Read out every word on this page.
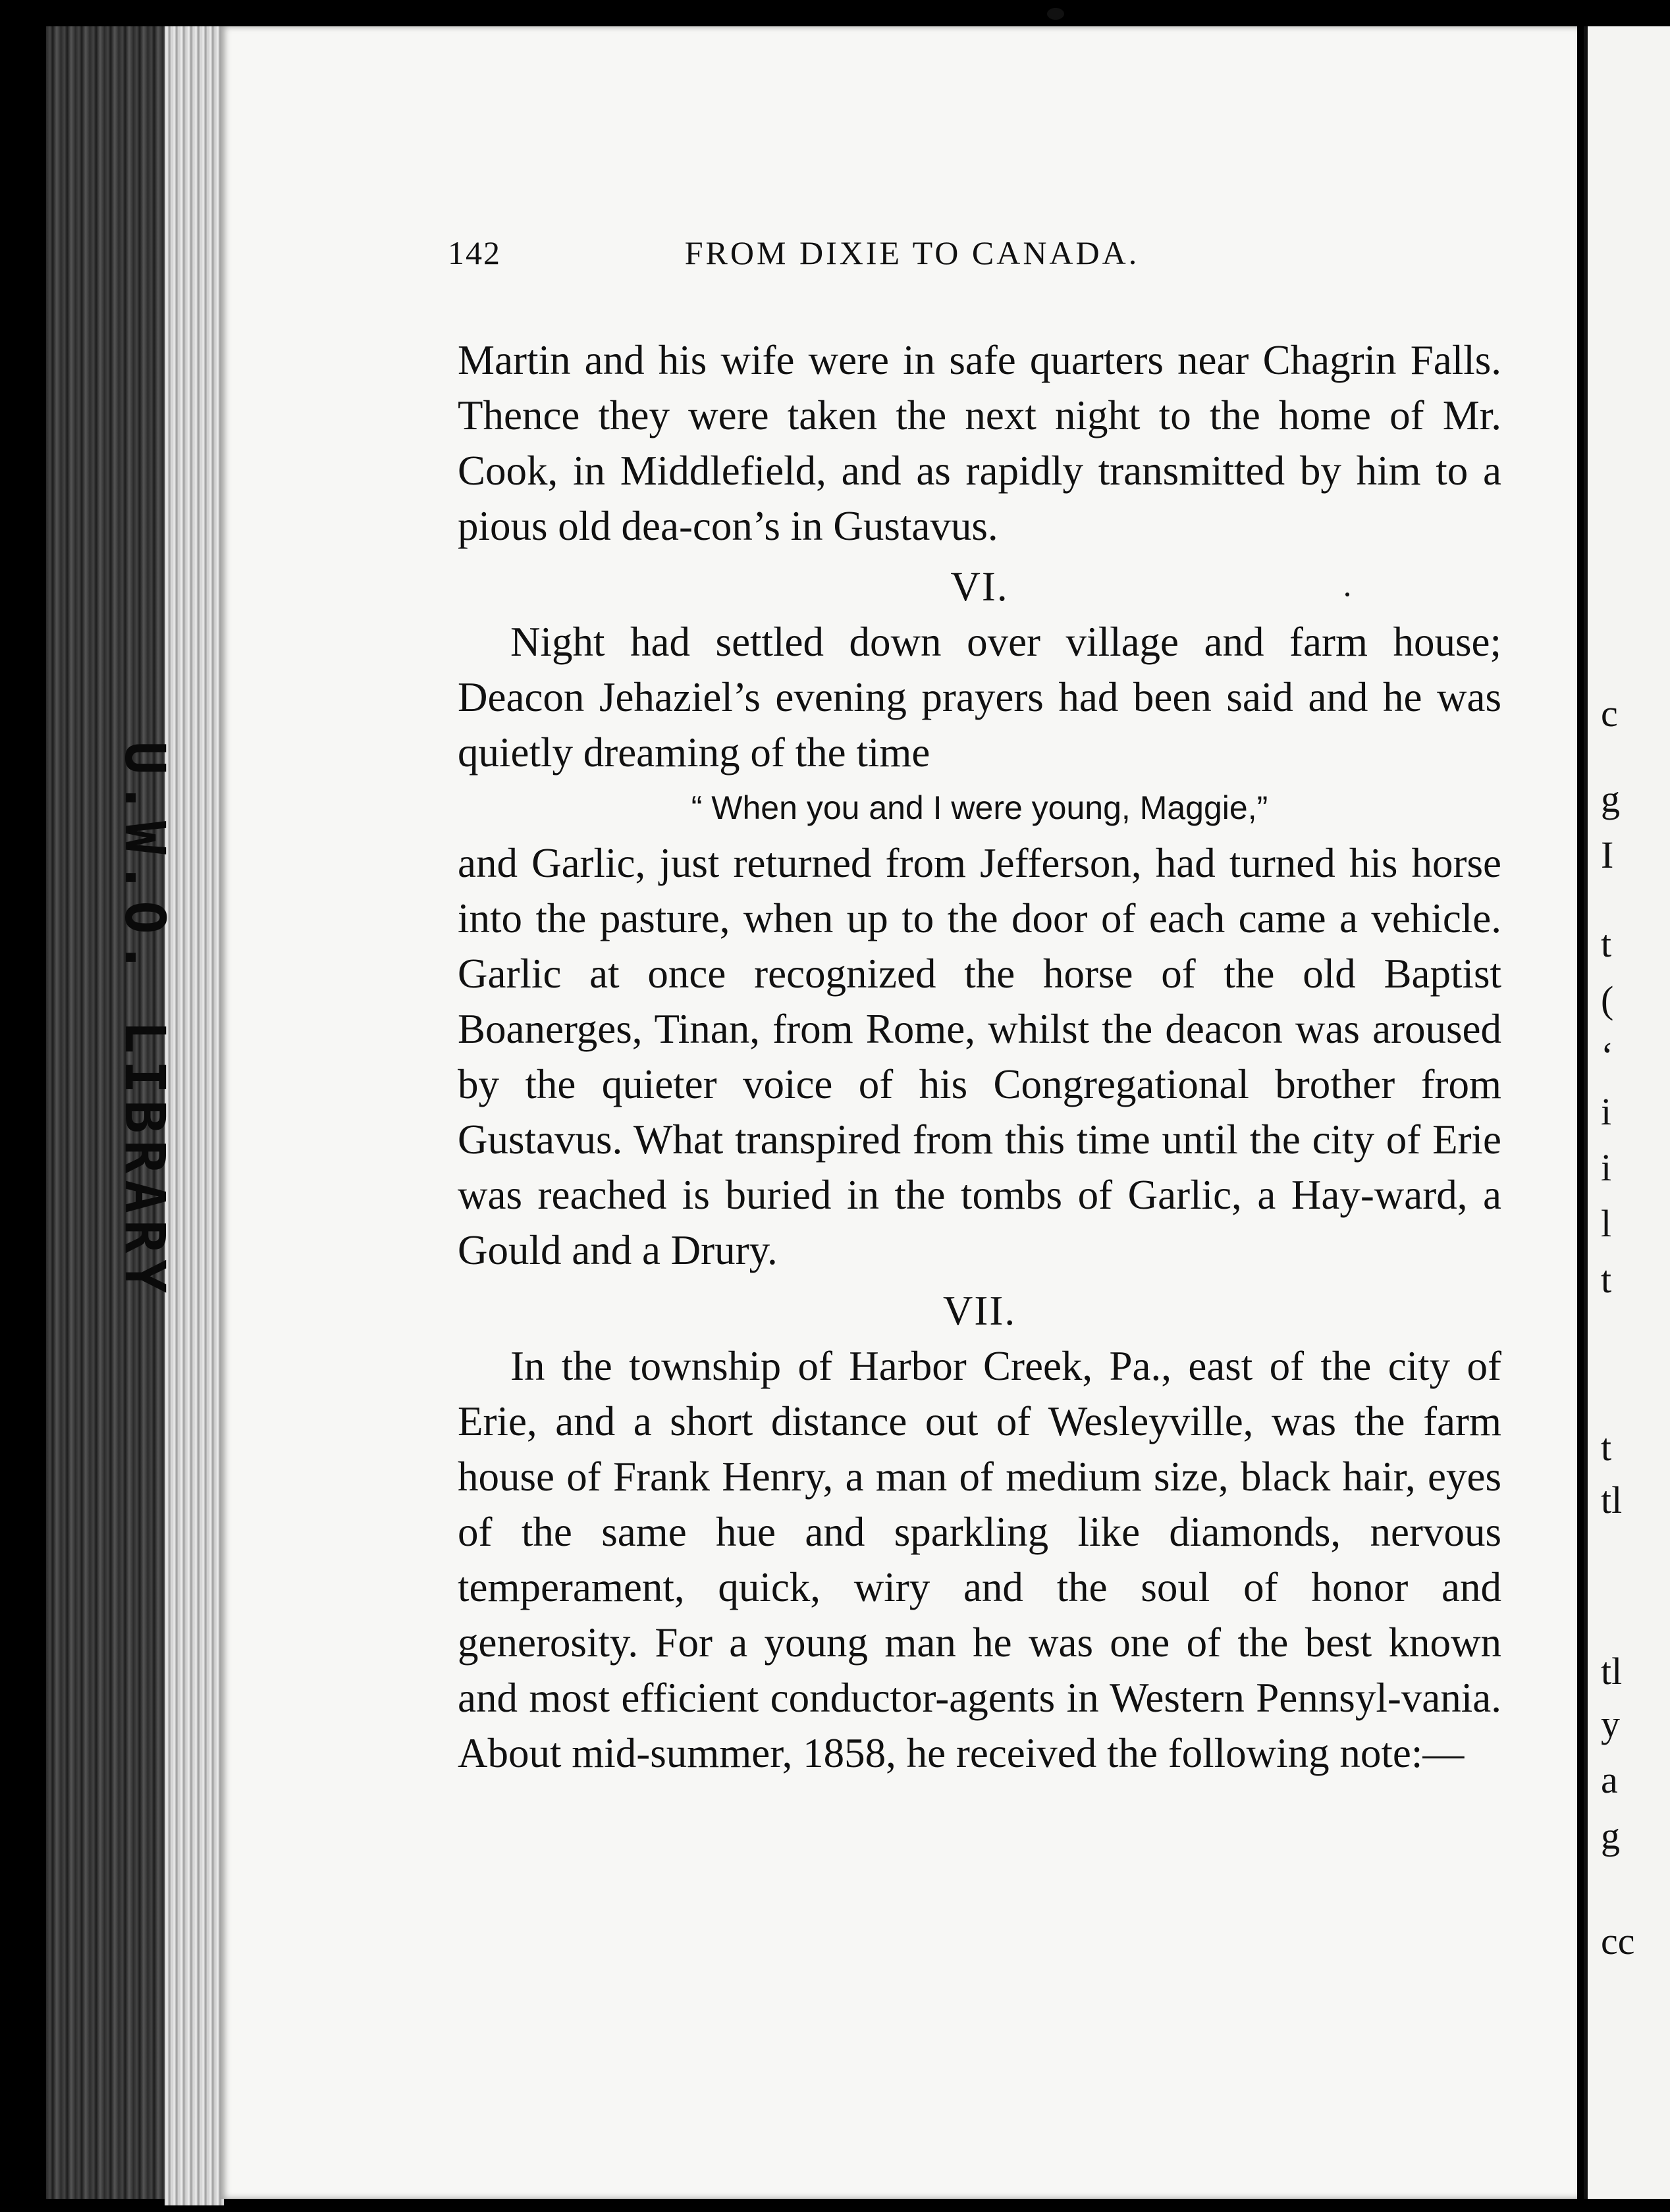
U.W.O. LIBRARY
c
g
I
t
(
‘
i
i
l
t
t
tl
tl
y
a
g
cc
142	FROM DIXIE TO CANADA.

Martin and his wife were in safe quarters near Chagrin Falls. Thence they were taken the next night to the home of Mr. Cook, in Middlefield, and as rapidly transmitted by him to a pious old dea-con’s in Gustavus.

VI.

Night had settled down over village and farm house; Deacon Jehaziel’s evening prayers had been said and he was quietly dreaming of the time

“ When you and I were young, Maggie,”

and Garlic, just returned from Jefferson, had turned his horse into the pasture, when up to the door of each came a vehicle. Garlic at once recognized the horse of the old Baptist Boanerges, Tinan, from Rome, whilst the deacon was aroused by the quieter voice of his Congregational brother from Gustavus. What transpired from this time until the city of Erie was reached is buried in the tombs of Garlic, a Hay-ward, a Gould and a Drury.

VII.

In the township of Harbor Creek, Pa., east of the city of Erie, and a short distance out of Wesleyville, was the farm house of Frank Henry, a man of medium size, black hair, eyes of the same hue and sparkling like diamonds, nervous temperament, quick, wiry and the soul of honor and generosity. For a young man he was one of the best known and most efficient conductor-agents in Western Pennsyl-vania. About mid-summer, 1858, he received the following note:—
